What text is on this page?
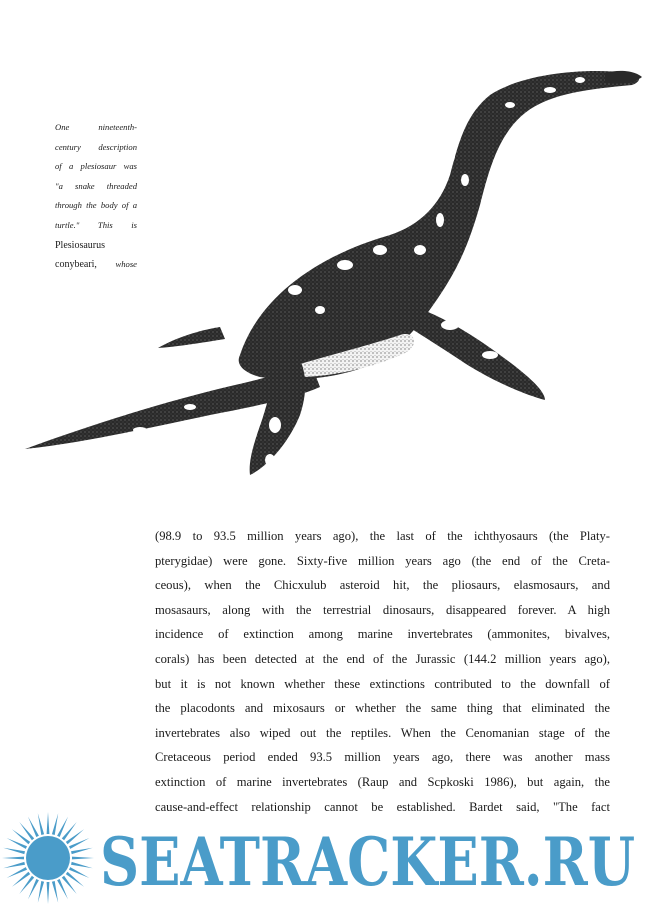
One nineteenth-
century description
of a plesiosaur was
"a snake threaded
through the body of a
turtle." This is
Plesiosaurus
conybeari, whose
(98.9 to 93.5 million years ago), the last of the ichthyosaurs (the Platy-
pterygidae) were gone. Sixty-five million years ago (the end of the Creta-
ceous), when the Chicxulub asteroid hit, the pliosaurs, elasmosaurs, and
mosasaurs, along with the terrestrial dinosaurs, disappeared forever. A high
incidence of extinction among marine invertebrates (ammonites, bivalves,
corals) has been detected at the end of the Jurassic (144.2 million years ago),
but it is not known whether these extinctions contributed to the downfall of
the placodonts and mixosaurs or whether the same thing that eliminated the
invertebrates also wiped out the reptiles. When the Cenomanian stage of the
Cretaceous period ended 93.5 million years ago, there was another mass
extinction of marine invertebrates (Raup and Scpkoski 1986), but again, the
cause-and-effect relationship cannot be established. Bardet said, "The fact
SEATRACKER.RU
